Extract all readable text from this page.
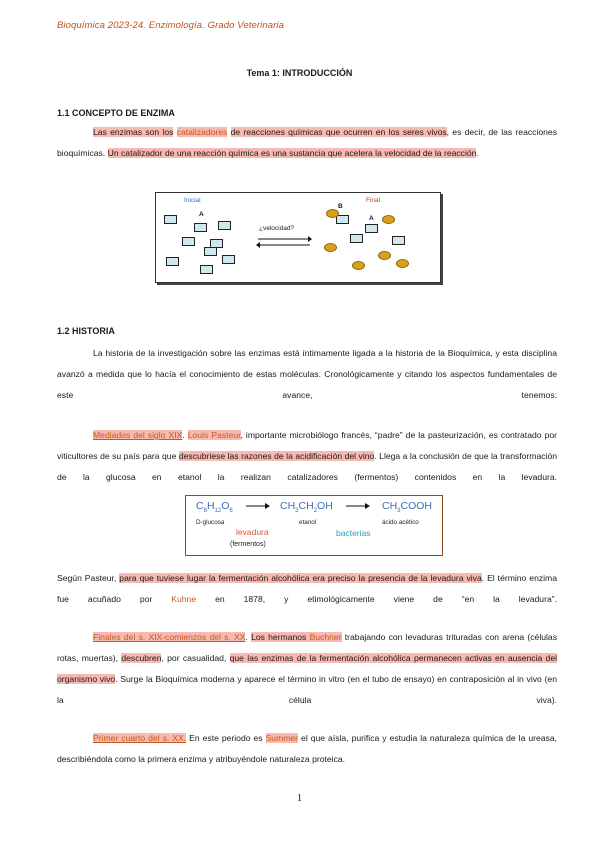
Bioquímica 2023-24. Enzimología. Grado Veterinaria
Tema 1: INTRODUCCIÓN
1.1 CONCEPTO DE ENZIMA
Las enzimas son los catalizadores de reacciones químicas que ocurren en los seres vivos, es decir, de las reacciones bioquímicas. Un catalizador de una reacción química es una sustancia que acelera la velocidad de la reacción.
Inicial	Final
A
B
A
¿velocidad?
1.2 HISTORIA
La historia de la investigación sobre las enzimas está íntimamente ligada a la historia de la Bioquímica, y esta disciplina avanzó a medida que lo hacía el conocimiento de estas moléculas. Cronológicamente y citando los aspectos fundamentales de este avance, tenemos:
Mediados del siglo XIX. Louis Pasteur, importante microbiólogo francés, “padre” de la pasteurización, es contratado por viticultores de su país para que descubriese las razones de la acidificación del vino. Llega a la conclusión de que la transformación de la glucosa en etanol la realizan catalizadores (fermentos) contenidos en la levadura.
$C_6H_{12}O_6$	$CH_3CH_2OH$	$CH_3COOH$
D-glucosa
levadura
(fermentos)
etanol
bacterias
ácido acético
Según Pasteur, para que tuviese lugar la fermentación alcohólica era preciso la presencia de la levadura viva. El término enzima fue acuñado por Kuhne en 1878, y etimológicamente viene de “en la levadura”.
Finales del s. XIX-comienzos del s. XX. Los hermanos Buchner trabajando con levaduras trituradas con arena (células rotas, muertas), descubren, por casualidad, que las enzimas de la fermentación alcohólica permanecen activas en ausencia del organismo vivo. Surge la Bioquímica moderna y aparece el término in vitro (en el tubo de ensayo) en contraposición al in vivo (en la célula viva).
Primer cuarto del s. XX. En este periodo es Summer el que aísla, purifica y estudia la naturaleza química de la ureasa, describiéndola como la primera enzima y atribuyéndole naturaleza proteica.
1
